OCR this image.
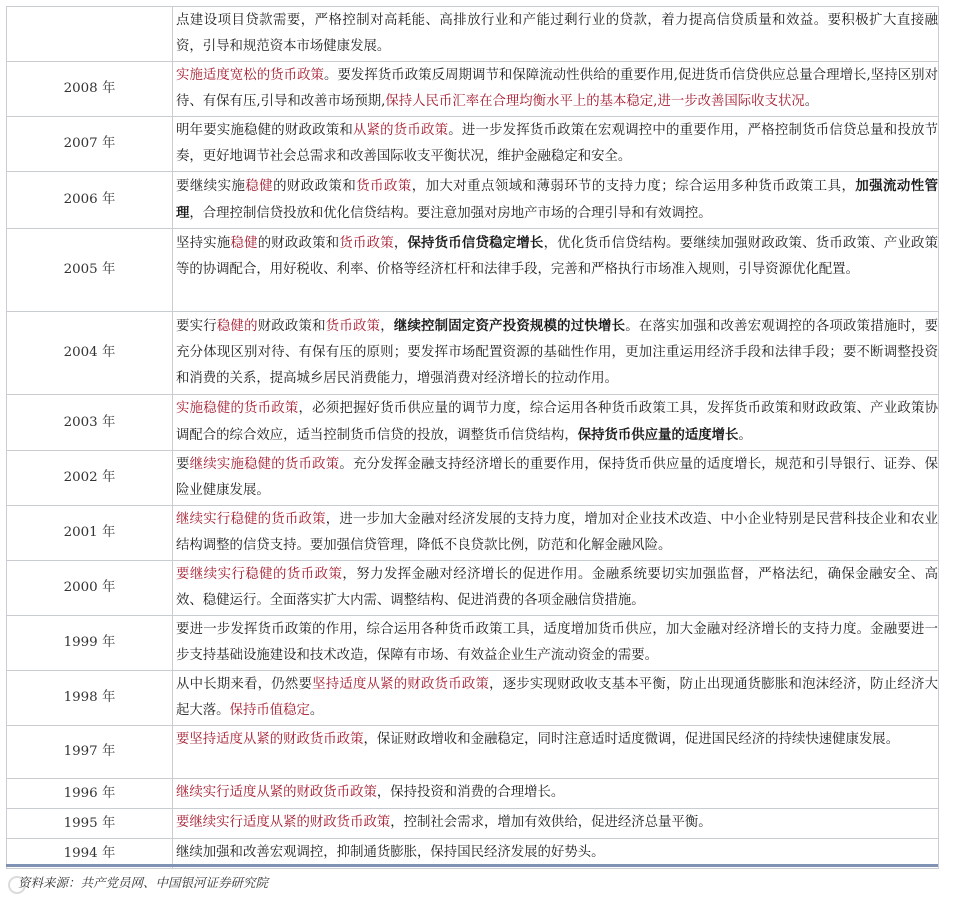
	点建设项目贷款需要，严格控制对高耗能、高排放行业和产能过剩行业的贷款，着力提高信贷质量和效益。要积极扩大直接融资，引导和规范资本市场健康发展。
2008 年	实施适度宽松的货币政策。要发挥货币政策反周期调节和保障流动性供给的重要作用,促进货币信贷供应总量合理增长,坚持区别对待、有保有压,引导和改善市场预期,保持人民币汇率在合理均衡水平上的基本稳定,进一步改善国际收支状况。
2007 年	明年要实施稳健的财政政策和从紧的货币政策。进一步发挥货币政策在宏观调控中的重要作用，严格控制货币信贷总量和投放节奏，更好地调节社会总需求和改善国际收支平衡状况，维护金融稳定和安全。
2006 年	要继续实施稳健的财政政策和货币政策，加大对重点领域和薄弱环节的支持力度；综合运用多种货币政策工具，加强流动性管理，合理控制信贷投放和优化信贷结构。要注意加强对房地产市场的合理引导和有效调控。
2005 年	坚持实施稳健的财政政策和货币政策，保持货币信贷稳定增长，优化货币信贷结构。要继续加强财政政策、货币政策、产业政策等的协调配合，用好税收、利率、价格等经济杠杆和法律手段，完善和严格执行市场准入规则，引导资源优化配置。
2004 年	要实行稳健的财政政策和货币政策，继续控制固定资产投资规模的过快增长。在落实加强和改善宏观调控的各项政策措施时，要充分体现区别对待、有保有压的原则；要发挥市场配置资源的基础性作用，更加注重运用经济手段和法律手段；要不断调整投资和消费的关系，提高城乡居民消费能力，增强消费对经济增长的拉动作用。
2003 年	实施稳健的货币政策，必须把握好货币供应量的调节力度，综合运用各种货币政策工具，发挥货币政策和财政政策、产业政策协调配合的综合效应，适当控制货币信贷的投放，调整货币信贷结构，保持货币供应量的适度增长。
2002 年	要继续实施稳健的货币政策。充分发挥金融支持经济增长的重要作用，保持货币供应量的适度增长，规范和引导银行、证券、保险业健康发展。
2001 年	继续实行稳健的货币政策，进一步加大金融对经济发展的支持力度，增加对企业技术改造、中小企业特别是民营科技企业和农业结构调整的信贷支持。要加强信贷管理，降低不良贷款比例，防范和化解金融风险。
2000 年	要继续实行稳健的货币政策，努力发挥金融对经济增长的促进作用。金融系统要切实加强监督，严格法纪，确保金融安全、高效、稳健运行。全面落实扩大内需、调整结构、促进消费的各项金融信贷措施。
1999 年	要进一步发挥货币政策的作用，综合运用各种货币政策工具，适度增加货币供应，加大金融对经济增长的支持力度。金融要进一步支持基础设施建设和技术改造，保障有市场、有效益企业生产流动资金的需要。
1998 年	从中长期来看，仍然要坚持适度从紧的财政货币政策，逐步实现财政收支基本平衡，防止出现通货膨胀和泡沫经济，防止经济大起大落。保持币值稳定。
1997 年	要坚持适度从紧的财政货币政策，保证财政增收和金融稳定，同时注意适时适度微调，促进国民经济的持续快速健康发展。
1996 年	继续实行适度从紧的财政货币政策，保持投资和消费的合理增长。
1995 年	要继续实行适度从紧的财政货币政策，控制社会需求，增加有效供给，促进经济总量平衡。
1994 年	继续加强和改善宏观调控，抑制通货膨胀，保持国民经济发展的好势头。
资料来源：共产党员网、中国银河证券研究院
